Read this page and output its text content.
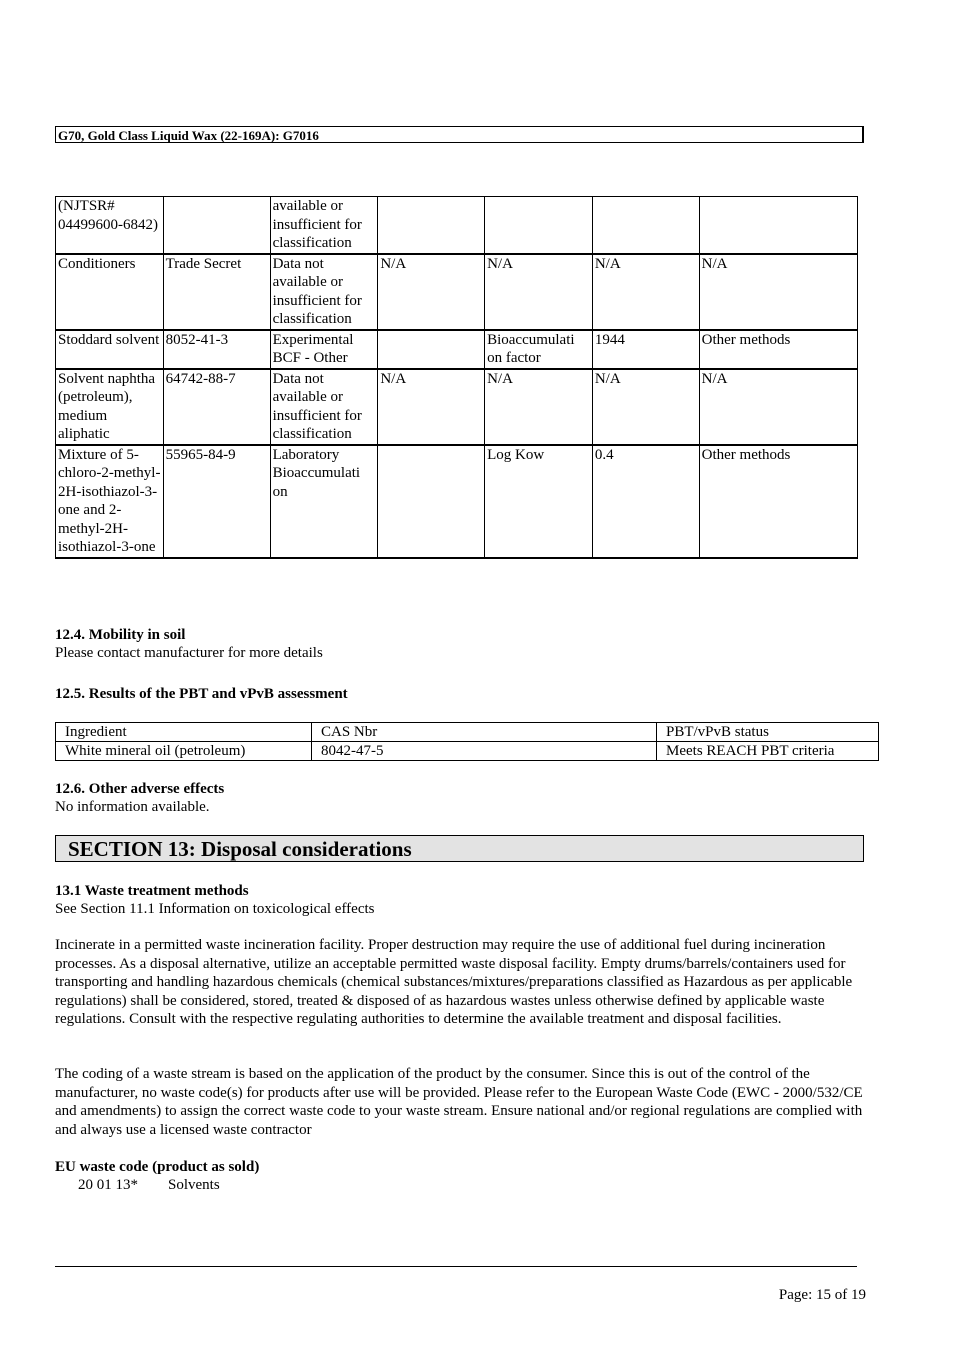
G70, Gold Class Liquid Wax (22-169A): G7016
(NJTSR# 04499600-6842)		available or insufficient for classification				
Conditioners	Trade Secret	Data not available or insufficient for classification	N/A	N/A	N/A	N/A
Stoddard solvent	8052-41-3	Experimental BCF - Other		Bioaccumulati on factor	1944	Other methods
Solvent naphtha (petroleum), medium aliphatic	64742-88-7	Data not available or insufficient for classification	N/A	N/A	N/A	N/A
Mixture of 5-chloro-2-methyl-2H-isothiazol-3-one and 2-methyl-2H-isothiazol-3-one	55965-84-9	Laboratory Bioaccumulati on		Log Kow	0.4	Other methods
12.4. Mobility in soil
Please contact manufacturer for more details
12.5. Results of the PBT and vPvB assessment
Ingredient	CAS Nbr	PBT/vPvB status
White mineral oil (petroleum)	8042-47-5	Meets REACH PBT criteria
12.6. Other adverse effects
No information available.
SECTION 13: Disposal considerations
13.1 Waste treatment methods
See Section 11.1 Information on toxicological effects
Incinerate in a permitted waste incineration facility. Proper destruction may require the use of additional fuel during incineration processes. As a disposal alternative, utilize an acceptable permitted waste disposal facility. Empty drums/barrels/containers used for transporting and handling hazardous chemicals (chemical substances/mixtures/preparations classified as Hazardous as per applicable regulations) shall be considered, stored, treated & disposed of as hazardous wastes unless otherwise defined by applicable waste regulations. Consult with the respective regulating authorities to determine the available treatment and disposal facilities.
The coding of a waste stream is based on the application of the product by the consumer. Since this is out of the control of the manufacturer, no waste code(s) for products after use will be provided. Please refer to the European Waste Code (EWC - 2000/532/CE and amendments) to assign the correct waste code to your waste stream. Ensure national and/or regional regulations are complied with and always use a licensed waste contractor
EU waste code (product as sold)
20 01 13* Solvents
Page: 15 of 19
